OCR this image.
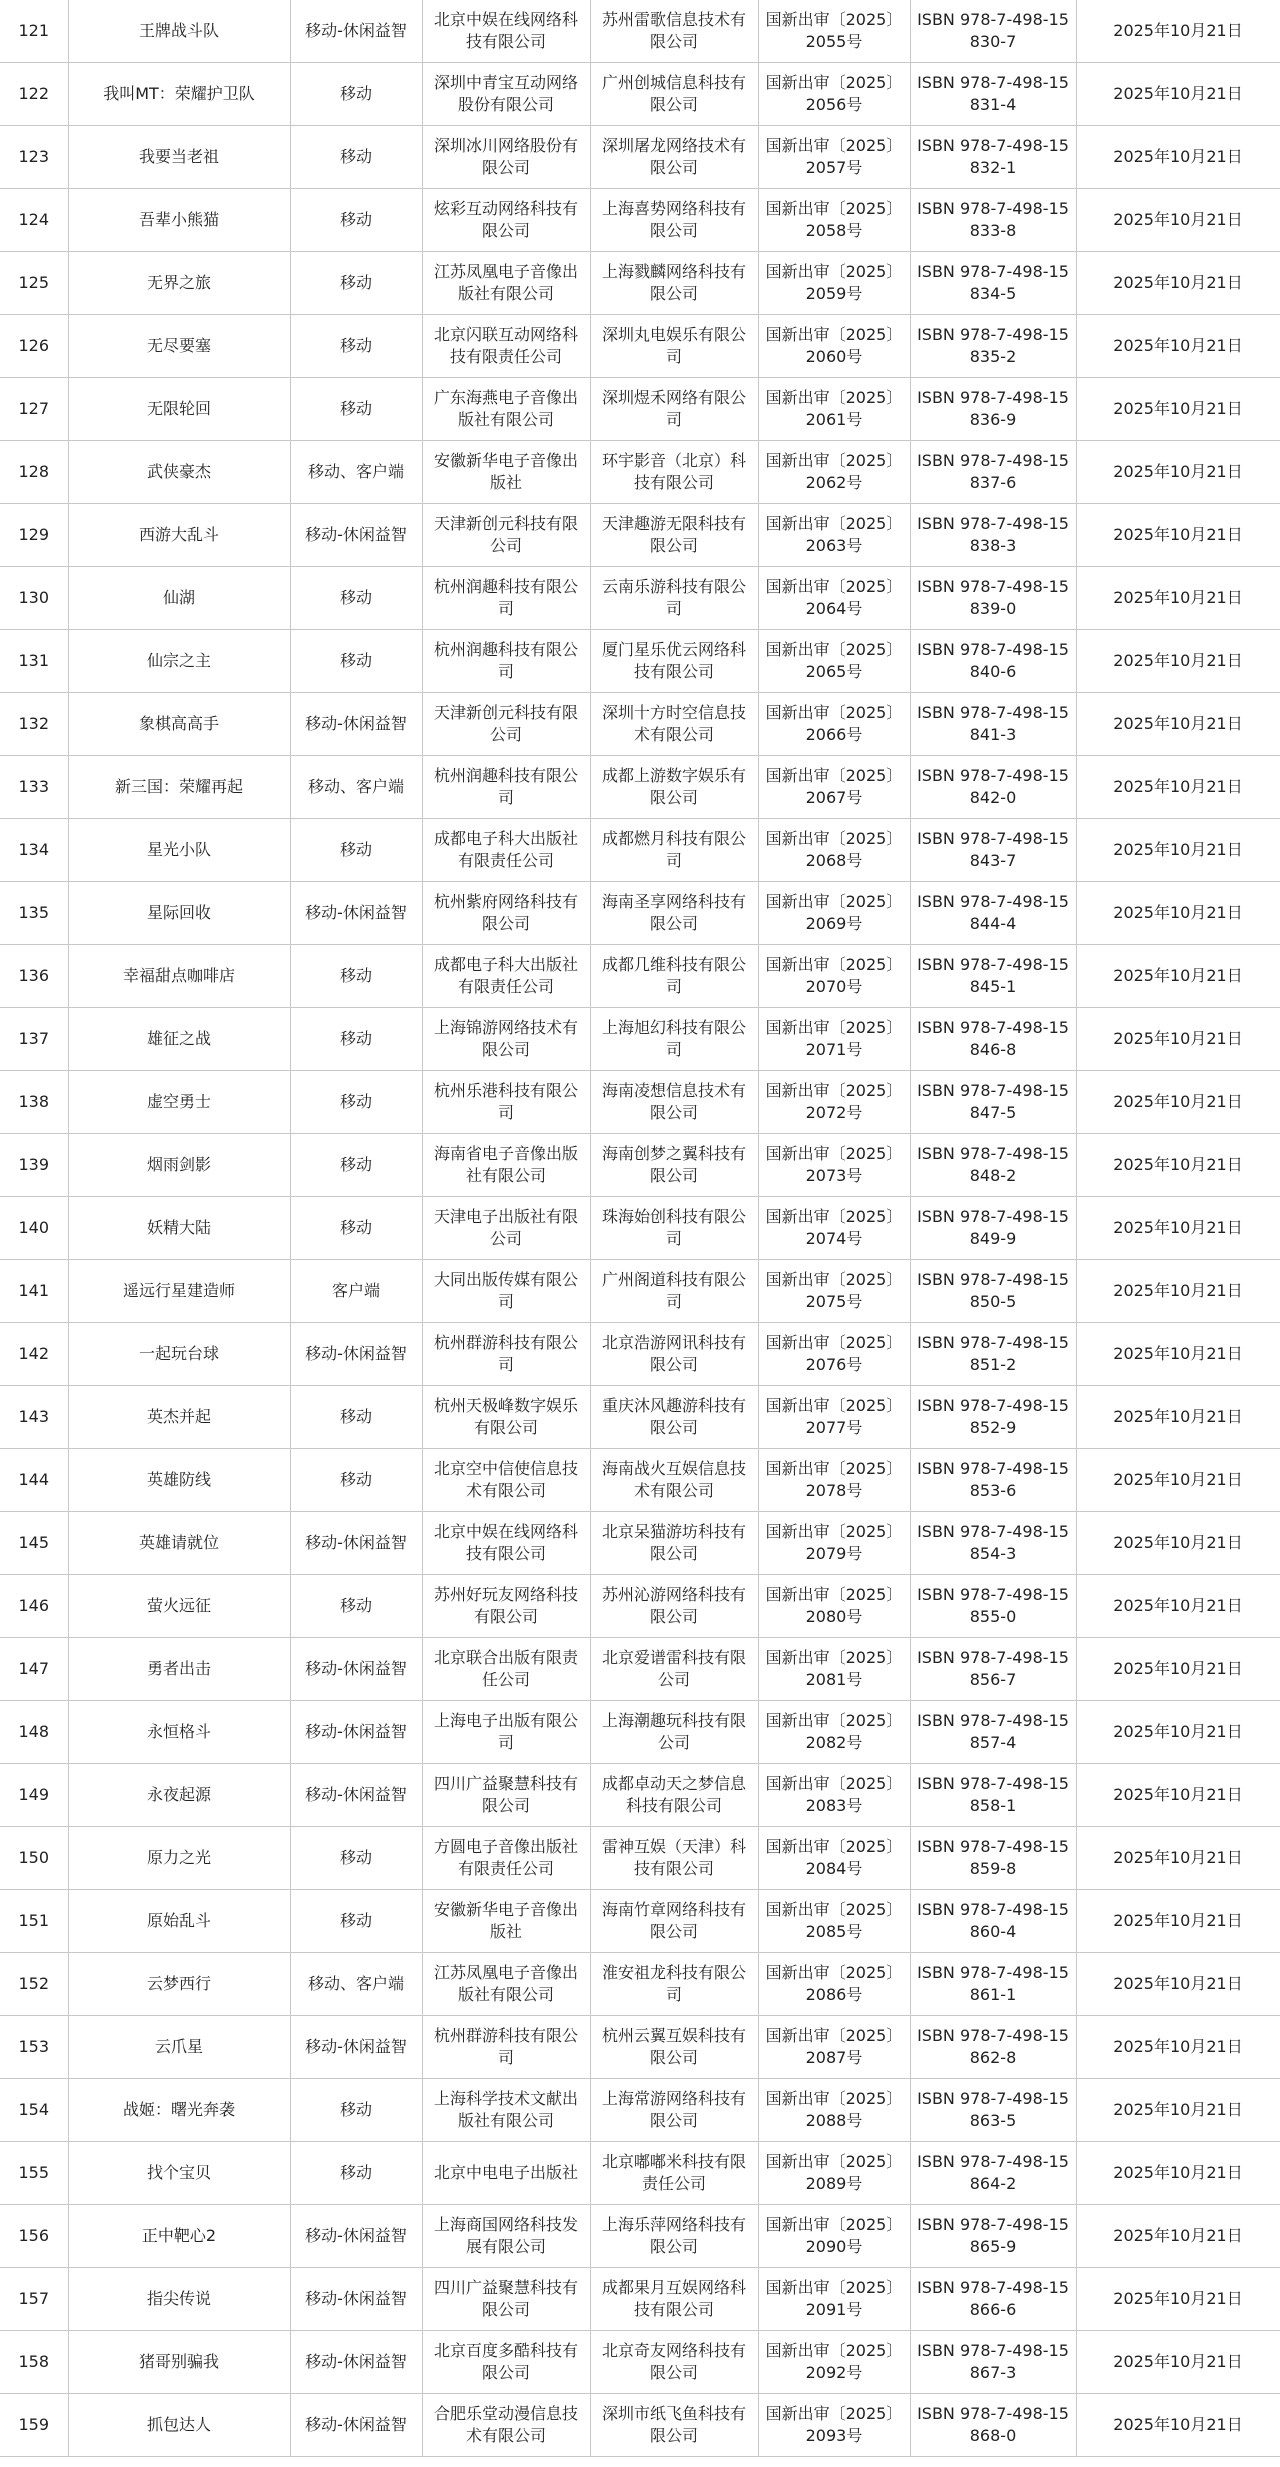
121	王牌战斗队	移动-休闲益智	北京中娱在线网络科技有限公司	苏州雷歌信息技术有限公司	国新出审〔2025〕2055号	ISBN 978-7-498-15830-7	2025年10月21日
122	我叫MT：荣耀护卫队	移动	深圳中青宝互动网络股份有限公司	广州创城信息科技有限公司	国新出审〔2025〕2056号	ISBN 978-7-498-15831-4	2025年10月21日
123	我要当老祖	移动	深圳冰川网络股份有限公司	深圳屠龙网络技术有限公司	国新出审〔2025〕2057号	ISBN 978-7-498-15832-1	2025年10月21日
124	吾辈小熊猫	移动	炫彩互动网络科技有限公司	上海喜势网络科技有限公司	国新出审〔2025〕2058号	ISBN 978-7-498-15833-8	2025年10月21日
125	无界之旅	移动	江苏凤凰电子音像出版社有限公司	上海戮麟网络科技有限公司	国新出审〔2025〕2059号	ISBN 978-7-498-15834-5	2025年10月21日
126	无尽要塞	移动	北京闪联互动网络科技有限责任公司	深圳丸电娱乐有限公司	国新出审〔2025〕2060号	ISBN 978-7-498-15835-2	2025年10月21日
127	无限轮回	移动	广东海燕电子音像出版社有限公司	深圳煜禾网络有限公司	国新出审〔2025〕2061号	ISBN 978-7-498-15836-9	2025年10月21日
128	武侠豪杰	移动、客户端	安徽新华电子音像出版社	环宇影音（北京）科技有限公司	国新出审〔2025〕2062号	ISBN 978-7-498-15837-6	2025年10月21日
129	西游大乱斗	移动-休闲益智	天津新创元科技有限公司	天津趣游无限科技有限公司	国新出审〔2025〕2063号	ISBN 978-7-498-15838-3	2025年10月21日
130	仙湖	移动	杭州润趣科技有限公司	云南乐游科技有限公司	国新出审〔2025〕2064号	ISBN 978-7-498-15839-0	2025年10月21日
131	仙宗之主	移动	杭州润趣科技有限公司	厦门星乐优云网络科技有限公司	国新出审〔2025〕2065号	ISBN 978-7-498-15840-6	2025年10月21日
132	象棋高高手	移动-休闲益智	天津新创元科技有限公司	深圳十方时空信息技术有限公司	国新出审〔2025〕2066号	ISBN 978-7-498-15841-3	2025年10月21日
133	新三国：荣耀再起	移动、客户端	杭州润趣科技有限公司	成都上游数字娱乐有限公司	国新出审〔2025〕2067号	ISBN 978-7-498-15842-0	2025年10月21日
134	星光小队	移动	成都电子科大出版社有限责任公司	成都燃月科技有限公司	国新出审〔2025〕2068号	ISBN 978-7-498-15843-7	2025年10月21日
135	星际回收	移动-休闲益智	杭州紫府网络科技有限公司	海南圣享网络科技有限公司	国新出审〔2025〕2069号	ISBN 978-7-498-15844-4	2025年10月21日
136	幸福甜点咖啡店	移动	成都电子科大出版社有限责任公司	成都几维科技有限公司	国新出审〔2025〕2070号	ISBN 978-7-498-15845-1	2025年10月21日
137	雄征之战	移动	上海锦游网络技术有限公司	上海旭幻科技有限公司	国新出审〔2025〕2071号	ISBN 978-7-498-15846-8	2025年10月21日
138	虚空勇士	移动	杭州乐港科技有限公司	海南凌想信息技术有限公司	国新出审〔2025〕2072号	ISBN 978-7-498-15847-5	2025年10月21日
139	烟雨剑影	移动	海南省电子音像出版社有限公司	海南创梦之翼科技有限公司	国新出审〔2025〕2073号	ISBN 978-7-498-15848-2	2025年10月21日
140	妖精大陆	移动	天津电子出版社有限公司	珠海始创科技有限公司	国新出审〔2025〕2074号	ISBN 978-7-498-15849-9	2025年10月21日
141	遥远行星建造师	客户端	大同出版传媒有限公司	广州阁道科技有限公司	国新出审〔2025〕2075号	ISBN 978-7-498-15850-5	2025年10月21日
142	一起玩台球	移动-休闲益智	杭州群游科技有限公司	北京浩游网讯科技有限公司	国新出审〔2025〕2076号	ISBN 978-7-498-15851-2	2025年10月21日
143	英杰并起	移动	杭州天极峰数字娱乐有限公司	重庆沐风趣游科技有限公司	国新出审〔2025〕2077号	ISBN 978-7-498-15852-9	2025年10月21日
144	英雄防线	移动	北京空中信使信息技术有限公司	海南战火互娱信息技术有限公司	国新出审〔2025〕2078号	ISBN 978-7-498-15853-6	2025年10月21日
145	英雄请就位	移动-休闲益智	北京中娱在线网络科技有限公司	北京呆猫游坊科技有限公司	国新出审〔2025〕2079号	ISBN 978-7-498-15854-3	2025年10月21日
146	萤火远征	移动	苏州好玩友网络科技有限公司	苏州沁游网络科技有限公司	国新出审〔2025〕2080号	ISBN 978-7-498-15855-0	2025年10月21日
147	勇者出击	移动-休闲益智	北京联合出版有限责任公司	北京爱谱雷科技有限公司	国新出审〔2025〕2081号	ISBN 978-7-498-15856-7	2025年10月21日
148	永恒格斗	移动-休闲益智	上海电子出版有限公司	上海潮趣玩科技有限公司	国新出审〔2025〕2082号	ISBN 978-7-498-15857-4	2025年10月21日
149	永夜起源	移动-休闲益智	四川广益聚慧科技有限公司	成都卓动天之梦信息科技有限公司	国新出审〔2025〕2083号	ISBN 978-7-498-15858-1	2025年10月21日
150	原力之光	移动	方圆电子音像出版社有限责任公司	雷神互娱（天津）科技有限公司	国新出审〔2025〕2084号	ISBN 978-7-498-15859-8	2025年10月21日
151	原始乱斗	移动	安徽新华电子音像出版社	海南竹章网络科技有限公司	国新出审〔2025〕2085号	ISBN 978-7-498-15860-4	2025年10月21日
152	云梦西行	移动、客户端	江苏凤凰电子音像出版社有限公司	淮安祖龙科技有限公司	国新出审〔2025〕2086号	ISBN 978-7-498-15861-1	2025年10月21日
153	云爪星	移动-休闲益智	杭州群游科技有限公司	杭州云翼互娱科技有限公司	国新出审〔2025〕2087号	ISBN 978-7-498-15862-8	2025年10月21日
154	战姬：曙光奔袭	移动	上海科学技术文献出版社有限公司	上海常游网络科技有限公司	国新出审〔2025〕2088号	ISBN 978-7-498-15863-5	2025年10月21日
155	找个宝贝	移动	北京中电电子出版社	北京嘟嘟米科技有限责任公司	国新出审〔2025〕2089号	ISBN 978-7-498-15864-2	2025年10月21日
156	正中靶心2	移动-休闲益智	上海商国网络科技发展有限公司	上海乐萍网络科技有限公司	国新出审〔2025〕2090号	ISBN 978-7-498-15865-9	2025年10月21日
157	指尖传说	移动-休闲益智	四川广益聚慧科技有限公司	成都果月互娱网络科技有限公司	国新出审〔2025〕2091号	ISBN 978-7-498-15866-6	2025年10月21日
158	猪哥别骗我	移动-休闲益智	北京百度多酷科技有限公司	北京奇友网络科技有限公司	国新出审〔2025〕2092号	ISBN 978-7-498-15867-3	2025年10月21日
159	抓包达人	移动-休闲益智	合肥乐堂动漫信息技术有限公司	深圳市纸飞鱼科技有限公司	国新出审〔2025〕2093号	ISBN 978-7-498-15868-0	2025年10月21日
